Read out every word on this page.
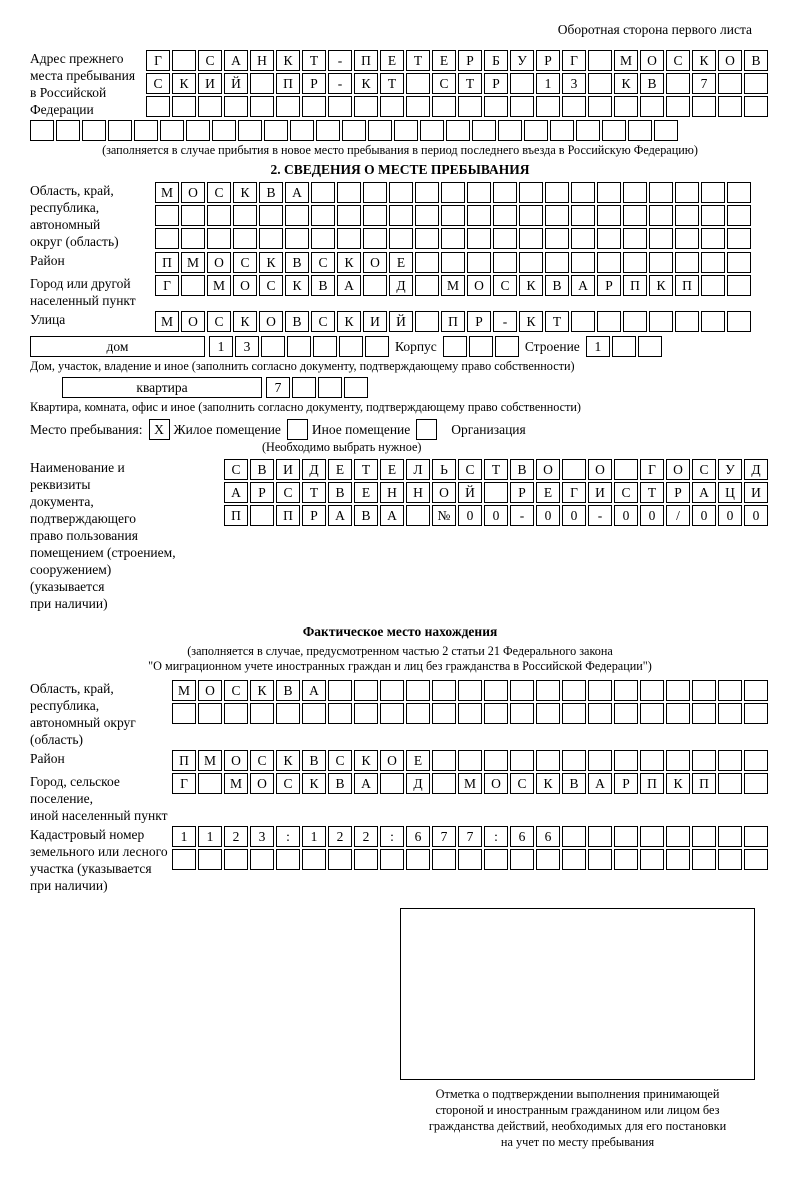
Оборотная сторона первого листа
Адрес прежнего
места пребывания
в Российской
Федерации
Г	С	А	Н	К	Т	-	П	Е	Т	Е	Р	Б	У	Р	Г	М	О	С	К	О	В
С	К	И	Й	П	Р	-	К	Т	С	Т	Р	1	3	К	В	7
(заполняется в случае прибытия в новое место пребывания в период последнего въезда в Российскую Федерацию)
2. СВЕДЕНИЯ О МЕСТЕ ПРЕБЫВАНИЯ
Область, край,
республика,
автономный
округ (область)
М	О	С	К	В	А
Район	П	М	О	С	К	В	С	К	О	Е
Город или другой
населенный пункт
Г	М	О	С	К	В	А	Д	М	О	С	К	В	А	Р	П	К	П
Улица	М	О	С	К	О	В	С	К	И	Й	П	Р	-	К	Т
дом	1	3	Корпус	Строение	1
Дом, участок, владение и иное (заполнить согласно документу, подтверждающему право собственности)
квартира	7
Квартира, комната, офис и иное (заполнить согласно документу, подтверждающему право собственности)
Место пребывания: X Жилое помещение Иное помещение	Организация
(Необходимо выбрать нужное)
Наименование и реквизиты
документа, подтверждающего
право пользования
помещением (строением,
сооружением) (указывается
при наличии)
С	В	И	Д	Е	Т	Е	Л	Ь	С	Т	В	О	О	Г	О	С	У	Д
А	Р	С	Т	В	Е	Н	Н	О	Й	Р	Е	Г	И	С	Т	Р	А	Ц	И
П	П	Р	А	В	А	№	0	0	-	0	0	-	0	0	/	0	0	0
Фактическое место нахождения
(заполняется в случае, предусмотренном частью 2 статьи 21 Федерального закона
"О миграционном учете иностранных граждан и лиц без гражданства в Российской Федерации")
Область, край,
республика,
автономный округ
(область)
М	О	С	К	В	А
Район	П	М	О	С	К	В	С	К	О	Е
Город, сельское поселение,
иной населенный пункт
Г	М	О	С	К	В	А	Д	М	О	С	К	В	А	Р	П	К	П
Кадастровый номер
земельного или лесного
участка (указывается
при наличии)
1	1	2	3	:	1	2	2	:	6	7	7	:	6	6
Отметка о подтверждении выполнения принимающей
стороной и иностранным гражданином или лицом без
гражданства действий, необходимых для его постановки
на учет по месту пребывания
